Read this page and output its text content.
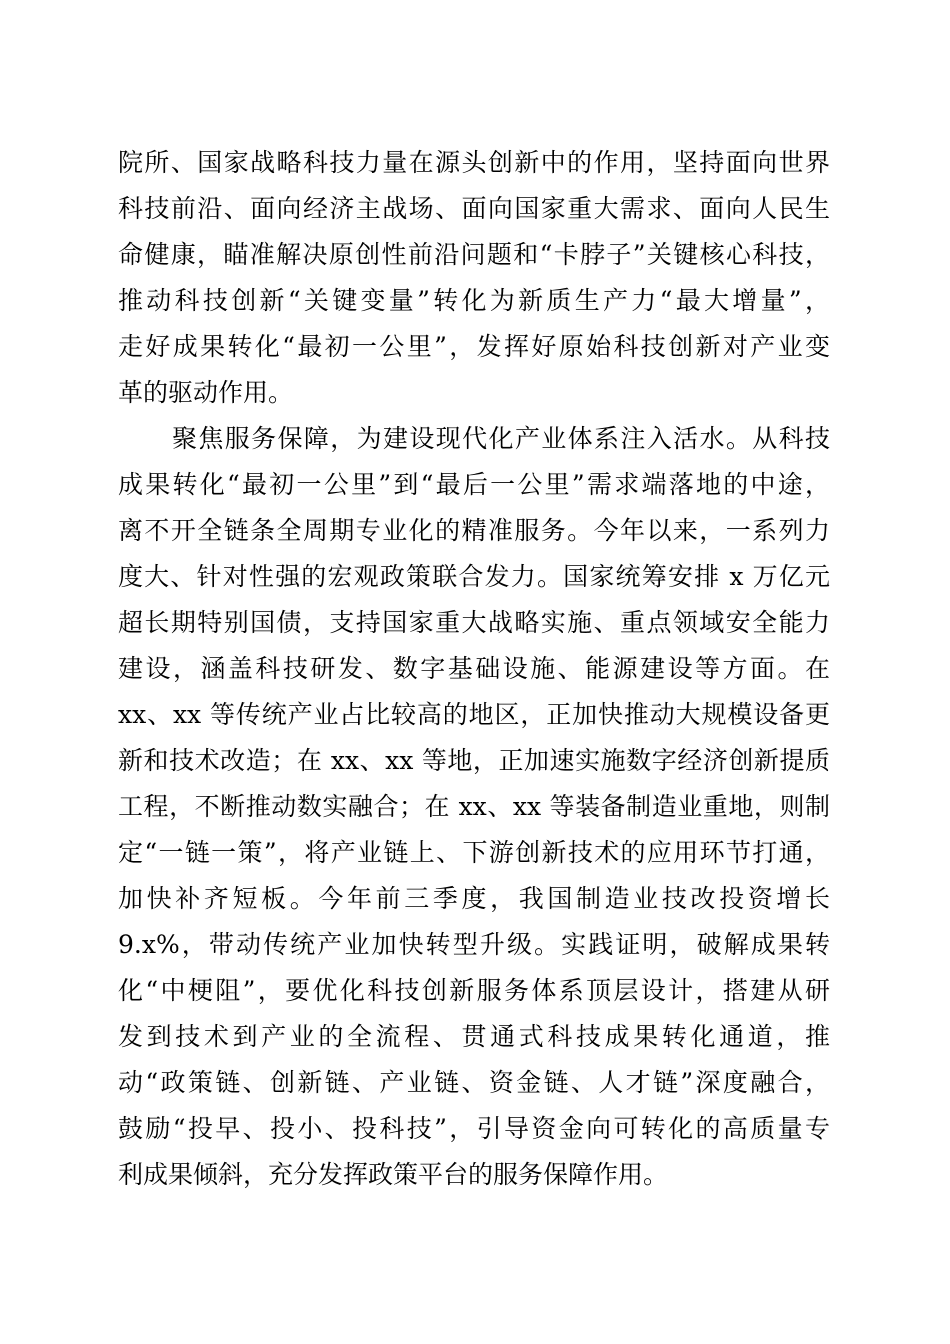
院所、国家战略科技力量在源头创新中的作用，坚持面向世界
科技前沿、面向经济主战场、面向国家重大需求、面向人民生
命健康，瞄准解决原创性前沿问题和“卡脖子”关键核心科技，
推动科技创新“关键变量”转化为新质生产力“最大增量”，
走好成果转化“最初一公里”，发挥好原始科技创新对产业变
革的驱动作用。
聚焦服务保障，为建设现代化产业体系注入活水。从科技
成果转化“最初一公里”到“最后一公里”需求端落地的中途，
离不开全链条全周期专业化的精准服务。今年以来，一系列力
度大、针对性强的宏观政策联合发力。国家统筹安排 x 万亿元
超长期特别国债，支持国家重大战略实施、重点领域安全能力
建设，涵盖科技研发、数字基础设施、能源建设等方面。在
xx、xx 等传统产业占比较高的地区，正加快推动大规模设备更
新和技术改造；在 xx、xx 等地，正加速实施数字经济创新提质
工程，不断推动数实融合；在 xx、xx 等装备制造业重地，则制
定“一链一策”，将产业链上、下游创新技术的应用环节打通，
加快补齐短板。今年前三季度，我国制造业技改投资增长
9.x%，带动传统产业加快转型升级。实践证明，破解成果转
化“中梗阻”，要优化科技创新服务体系顶层设计，搭建从研
发到技术到产业的全流程、贯通式科技成果转化通道，推
动“政策链、创新链、产业链、资金链、人才链”深度融合，
鼓励“投早、投小、投科技”，引导资金向可转化的高质量专
利成果倾斜，充分发挥政策平台的服务保障作用。
